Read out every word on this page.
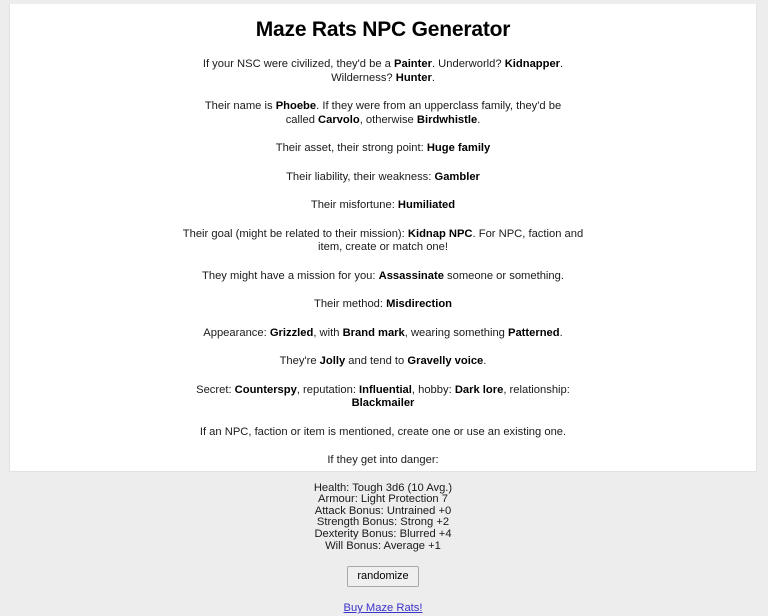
Maze Rats NPC Generator

If your NSC were civilized, they'd be a Painter. Underworld? Kidnapper. Wilderness? Hunter.

Their name is Phoebe. If they were from an upperclass family, they'd be called Carvolo, otherwise Birdwhistle.

Their asset, their strong point: Huge family

Their liability, their weakness: Gambler

Their misfortune: Humiliated

Their goal (might be related to their mission): Kidnap NPC. For NPC, faction and item, create or match one!

They might have a mission for you: Assassinate someone or something.

Their method: Misdirection

Appearance: Grizzled, with Brand mark, wearing something Patterned.

They're Jolly and tend to Gravelly voice.

Secret: Counterspy, reputation: Influential, hobby: Dark lore, relationship: Blackmailer

If an NPC, faction or item is mentioned, create one or use an existing one.

If they get into danger:

Health: Tough 3d6 (10 Avg.)
Armour: Light Protection 7
Attack Bonus: Untrained +0
Strength Bonus: Strong +2
Dexterity Bonus: Blurred +4
Will Bonus: Average +1
randomize
Buy Maze Rats!
